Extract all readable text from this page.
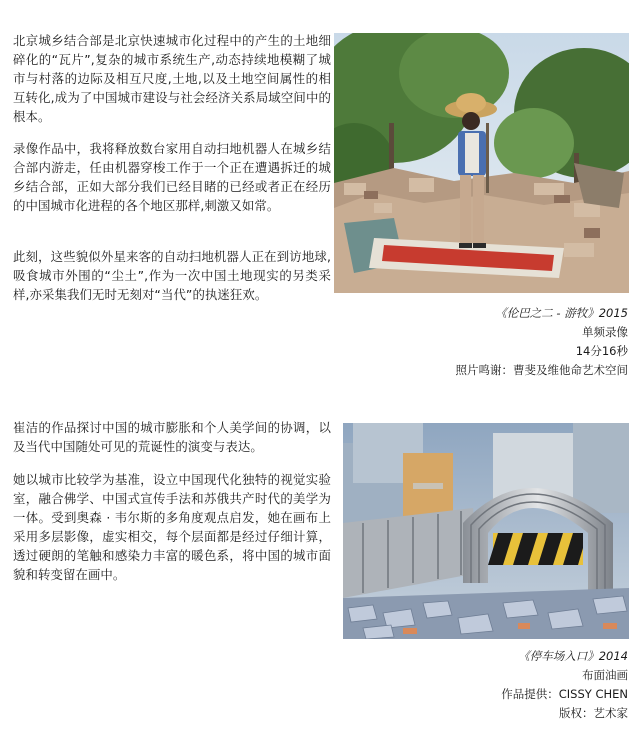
北京城乡结合部是北京快速城市化过程中的产生的土地细碎化的“瓦片”,复杂的城市系统生产,动态持续地模糊了城市与村落的边际及相互尺度,土地,以及土地空间属性的相互转化,成为了中国城市建设与社会经济关系局域空间中的根本。

录像作品中，我将释放数台家用自动扫地机器人在城乡结合部内游走，任由机器穿梭工作于一个正在遭遇拆迁的城乡结合部，正如大部分我们已经目睹的已经或者正在经历的中国城市化进程的各个地区那样,刺激又如常。

此刻，这些貌似外星来客的自动扫地机器人正在到访地球,吸食城市外围的“尘土”,作为一次中国土地现实的另类采样,亦采集我们无时无刻对“当代”的执迷狂欢。

《伦巴之二 - 游牧》2015
单频录像
14分16秒
照片鸣谢：曹斐及维他命艺术空间

崔洁的作品探讨中国的城市膨胀和个人美学间的协调，以及当代中国随处可见的荒诞性的演变与表达。

她以城市比较学为基准，设立中国现代化独特的视觉实验室，融合佛学、中国式宣传手法和苏俄共产时代的美学为一体。受到奥森 · 韦尔斯的多角度观点启发，她在画布上采用多层影像，虚实相交，每个层面都是经过仔细计算，透过硬朗的笔触和感染力丰富的暖色系，将中国的城市面貌和转变留在画中。

《停车场入口》2014
布面油画
作品提供：CISSY CHEN
版权：艺术家
